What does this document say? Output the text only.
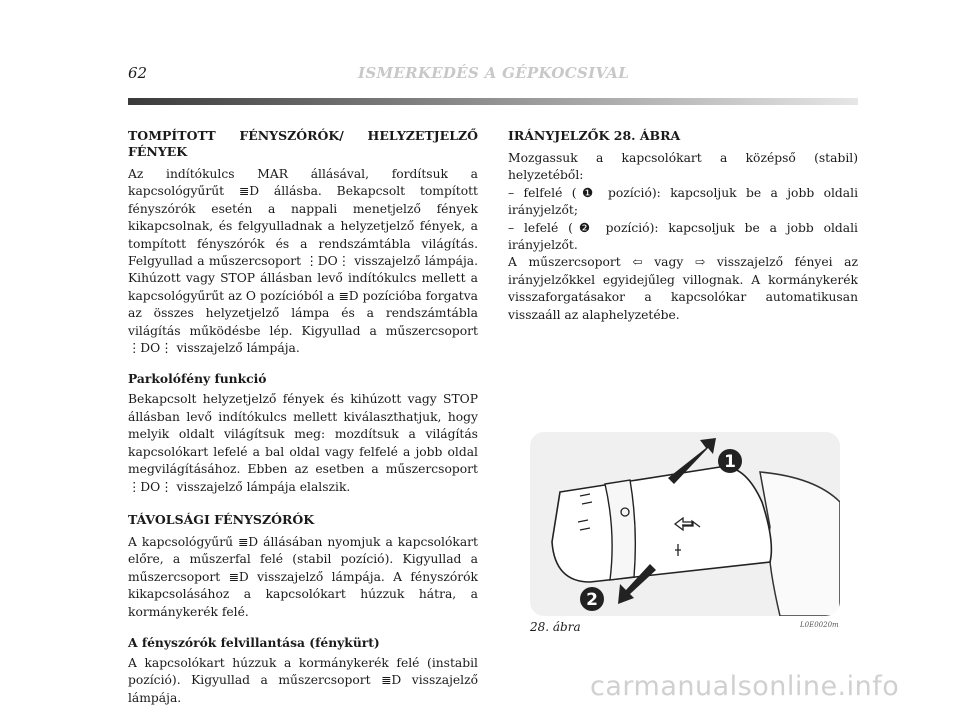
62	ISMERKEDÉS A GÉPKOCSIVAL
TOMPÍTOTT FÉNYSZÓRÓK/ HELYZETJELZŐ FÉNYEK

Az indítókulcs MAR állásával, fordítsuk a kapcsológyűrűt ≣D állásba. Bekapcsolt tompított fényszórók esetén a nappali menetjelző fények kikapcsolnak, és felgyulladnak a helyzetjelző fények, a tompított fényszórók és a rendszámtábla világítás. Felgyullad a műszercsoport ⋮DO⋮ visszajelző lámpája. Kihúzott vagy STOP állásban levő indítókulcs mellett a kapcsológyűrűt az O pozícióból a ≣D pozícióba forgatva az összes helyzetjelző lámpa és a rendszámtábla világítás működésbe lép. Kigyullad a műszercsoport ⋮DO⋮ visszajelző lámpája.

Parkolófény funkció

Bekapcsolt helyzetjelző fények és kihúzott vagy STOP állásban levő indítókulcs mellett kiválaszthatjuk, hogy melyik oldalt világítsuk meg: mozdítsuk a világítás kapcsolókart lefelé a bal oldal vagy felfelé a jobb oldal megvilágításához. Ebben az esetben a műszercsoport ⋮DO⋮ visszajelző lámpája elalszik.

TÁVOLSÁGI FÉNYSZÓRÓK

A kapcsológyűrű ≣D állásában nyomjuk a kapcsolókart előre, a műszerfal felé (stabil pozíció). Kigyullad a műszercsoport ≣D visszajelző lámpája. A fényszórók kikapcsolásához a kapcsolókart húzzuk hátra, a kormánykerék felé.

A fényszórók felvillantása (fénykürt)

A kapcsolókart húzzuk a kormánykerék felé (instabil pozíció). Kigyullad a műszercsoport ≣D visszajelző lámpája.

IRÁNYJELZŐK 28. ÁBRA

Mozgassuk a kapcsolókart a középső (stabil) helyzetéből:

– felfelé (❶ pozíció): kapcsoljuk be a jobb oldali irányjelzőt;

– lefelé (❷ pozíció): kapcsoljuk be a jobb oldali irányjelzőt.

A műszercsoport ⇦ vagy ⇨ visszajelző fényei az irányjelzőkkel egyidejűleg villognak. A kormánykerék visszaforgatásakor a kapcsolókar automatikusan visszaáll az alaphelyzetébe.

1
2
28. ábra	L0E0020m
carmanualsonline.info
